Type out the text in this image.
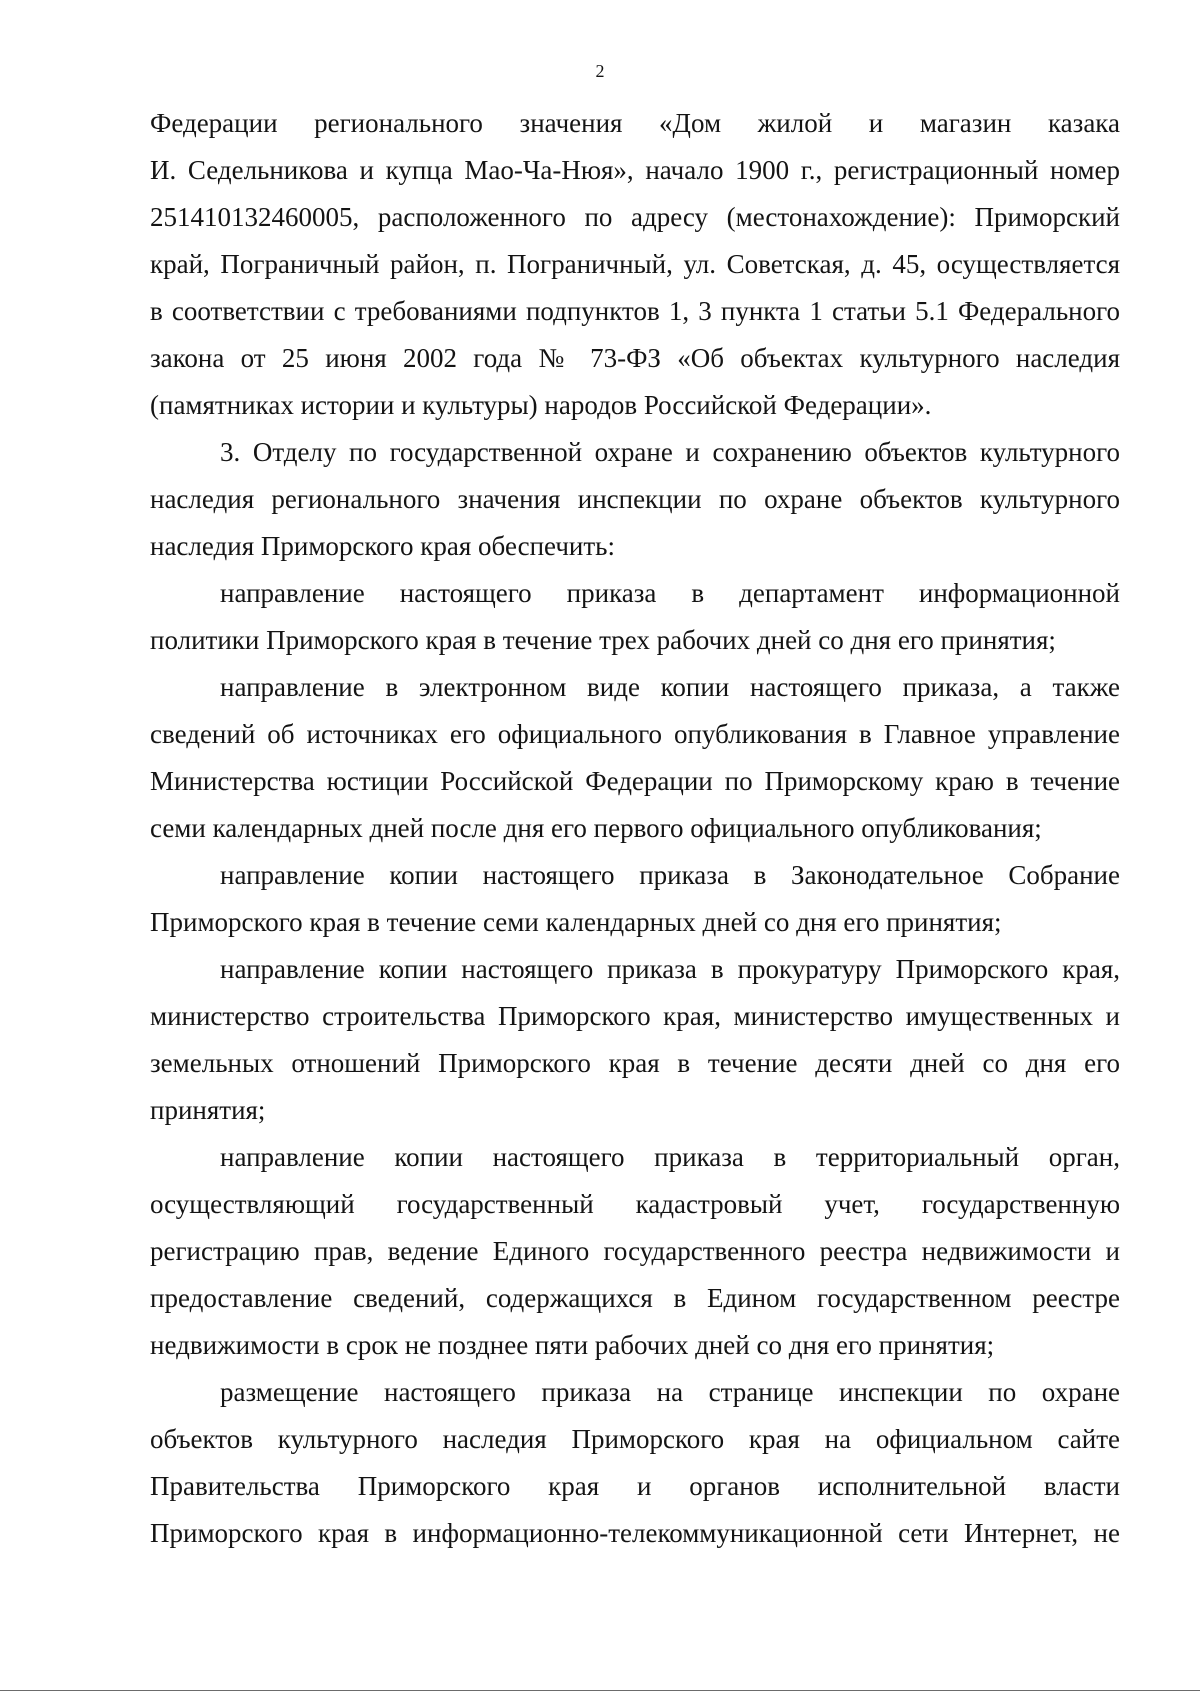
2
Федерации регионального значения «Дом жилой и магазин казака
И. Седельникова и купца Мао-Ча-Нюя», начало 1900 г., регистрационный номер
251410132460005, расположенного по адресу (местонахождение): Приморский
край, Пограничный район, п. Пограничный, ул. Советская, д. 45, осуществляется
в соответствии с требованиями подпунктов 1, 3 пункта 1 статьи 5.1 Федерального
закона от 25 июня 2002 года № 73-ФЗ «Об объектах культурного наследия
(памятниках истории и культуры) народов Российской Федерации».
3. Отделу по государственной охране и сохранению объектов культурного
наследия регионального значения инспекции по охране объектов культурного
наследия Приморского края обеспечить:
направление настоящего приказа в департамент информационной
политики Приморского края в течение трех рабочих дней со дня его принятия;
направление в электронном виде копии настоящего приказа, а также
сведений об источниках его официального опубликования в Главное управление
Министерства юстиции Российской Федерации по Приморскому краю в течение
семи календарных дней после дня его первого официального опубликования;
направление копии настоящего приказа в Законодательное Собрание
Приморского края в течение семи календарных дней со дня его принятия;
направление копии настоящего приказа в прокуратуру Приморского края,
министерство строительства Приморского края, министерство имущественных и
земельных отношений Приморского края в течение десяти дней со дня его
принятия;
направление копии настоящего приказа в территориальный орган,
осуществляющий государственный кадастровый учет, государственную
регистрацию прав, ведение Единого государственного реестра недвижимости и
предоставление сведений, содержащихся в Едином государственном реестре
недвижимости в срок не позднее пяти рабочих дней со дня его принятия;
размещение настоящего приказа на странице инспекции по охране
объектов культурного наследия Приморского края на официальном сайте
Правительства Приморского края и органов исполнительной власти
Приморского края в информационно-телекоммуникационной сети Интернет, не
